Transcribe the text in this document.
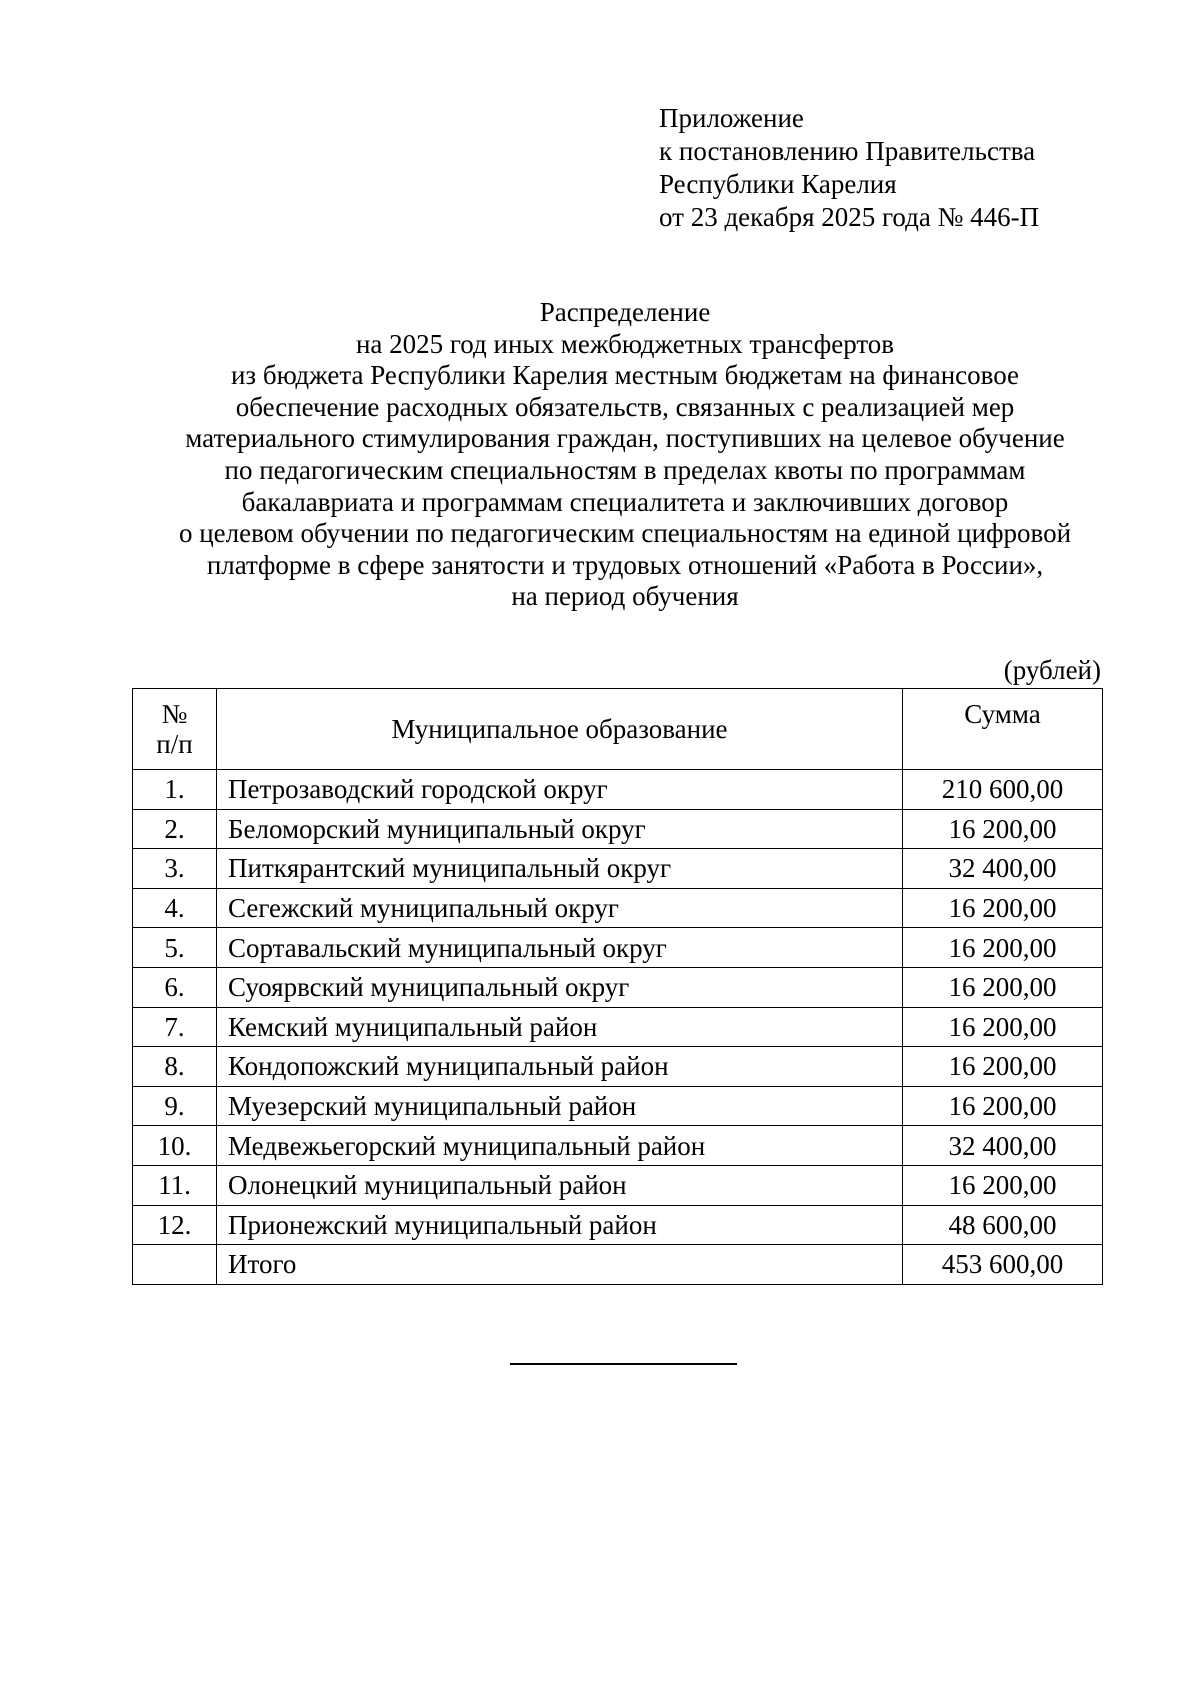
Приложение
к постановлению Правительства
Республики Карелия
от 23 декабря 2025 года № 446-П
Распределение
на 2025 год иных межбюджетных трансфертов
из бюджета Республики Карелия местным бюджетам на финансовое
обеспечение расходных обязательств, связанных с реализацией мер
материального стимулирования граждан, поступивших на целевое обучение
по педагогическим специальностям в пределах квоты по программам
бакалавриата и программам специалитета и заключивших договор
о целевом обучении по педагогическим специальностям на единой цифровой
платформе в сфере занятости и трудовых отношений «Работа в России»,
на период обучения
(рублей)
№
п/п	Муниципальное образование	Сумма
1.	Петрозаводский городской округ	210 600,00
2.	Беломорский муниципальный округ	16 200,00
3.	Питкярантский муниципальный округ	32 400,00
4.	Сегежский муниципальный округ	16 200,00
5.	Сортавальский муниципальный округ	16 200,00
6.	Суоярвский муниципальный округ	16 200,00
7.	Кемский муниципальный район	16 200,00
8.	Кондопожский муниципальный район	16 200,00
9.	Муезерский муниципальный район	16 200,00
10.	Медвежьегорский муниципальный район	32 400,00
11.	Олонецкий муниципальный район	16 200,00
12.	Прионежский муниципальный район	48 600,00
	Итого	453 600,00
